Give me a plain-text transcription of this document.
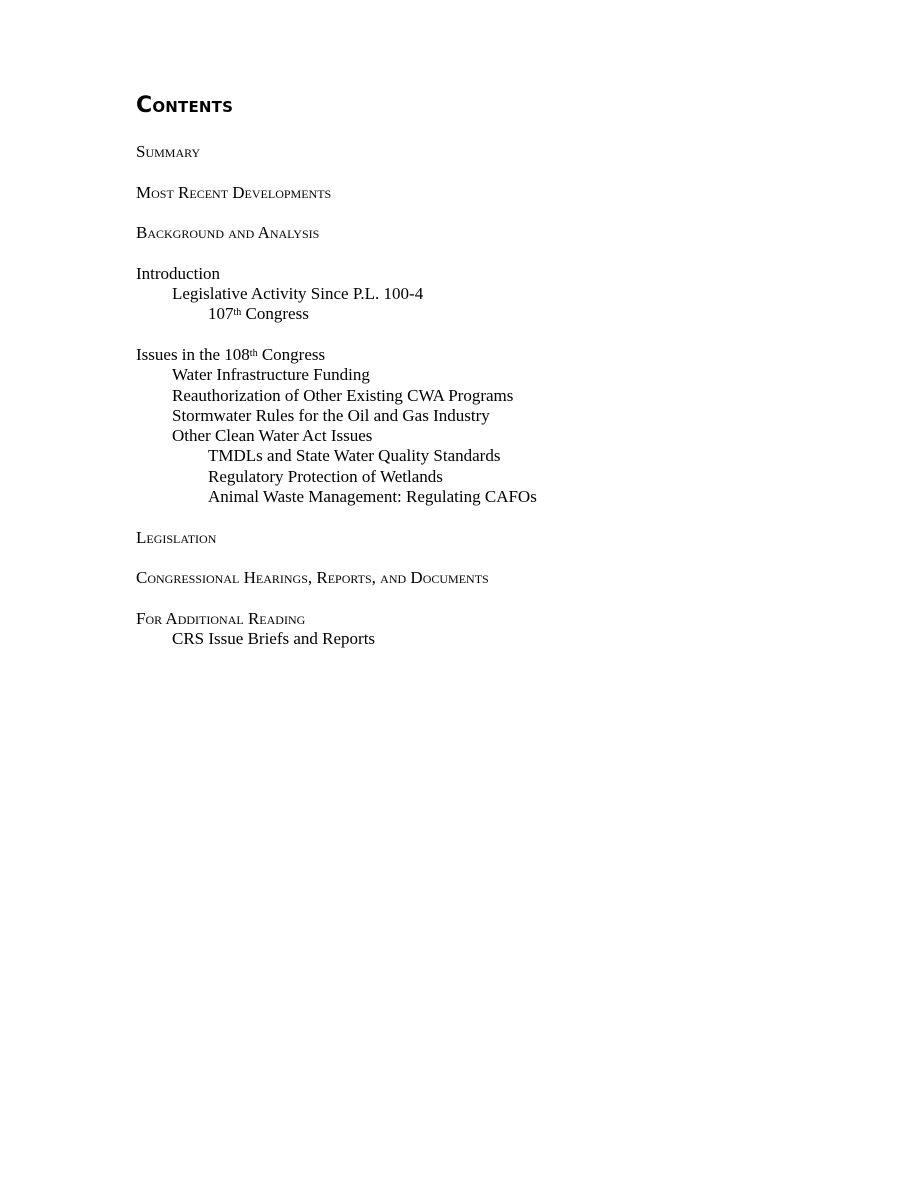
Contents
Summary
Most Recent Developments
Background and Analysis
Introduction
Legislative Activity Since P.L. 100-4
107th Congress
Issues in the 108th Congress
Water Infrastructure Funding
Reauthorization of Other Existing CWA Programs
Stormwater Rules for the Oil and Gas Industry
Other Clean Water Act Issues
TMDLs and State Water Quality Standards
Regulatory Protection of Wetlands
Animal Waste Management: Regulating CAFOs
Legislation
Congressional Hearings, Reports, and Documents
For Additional Reading
CRS Issue Briefs and Reports
